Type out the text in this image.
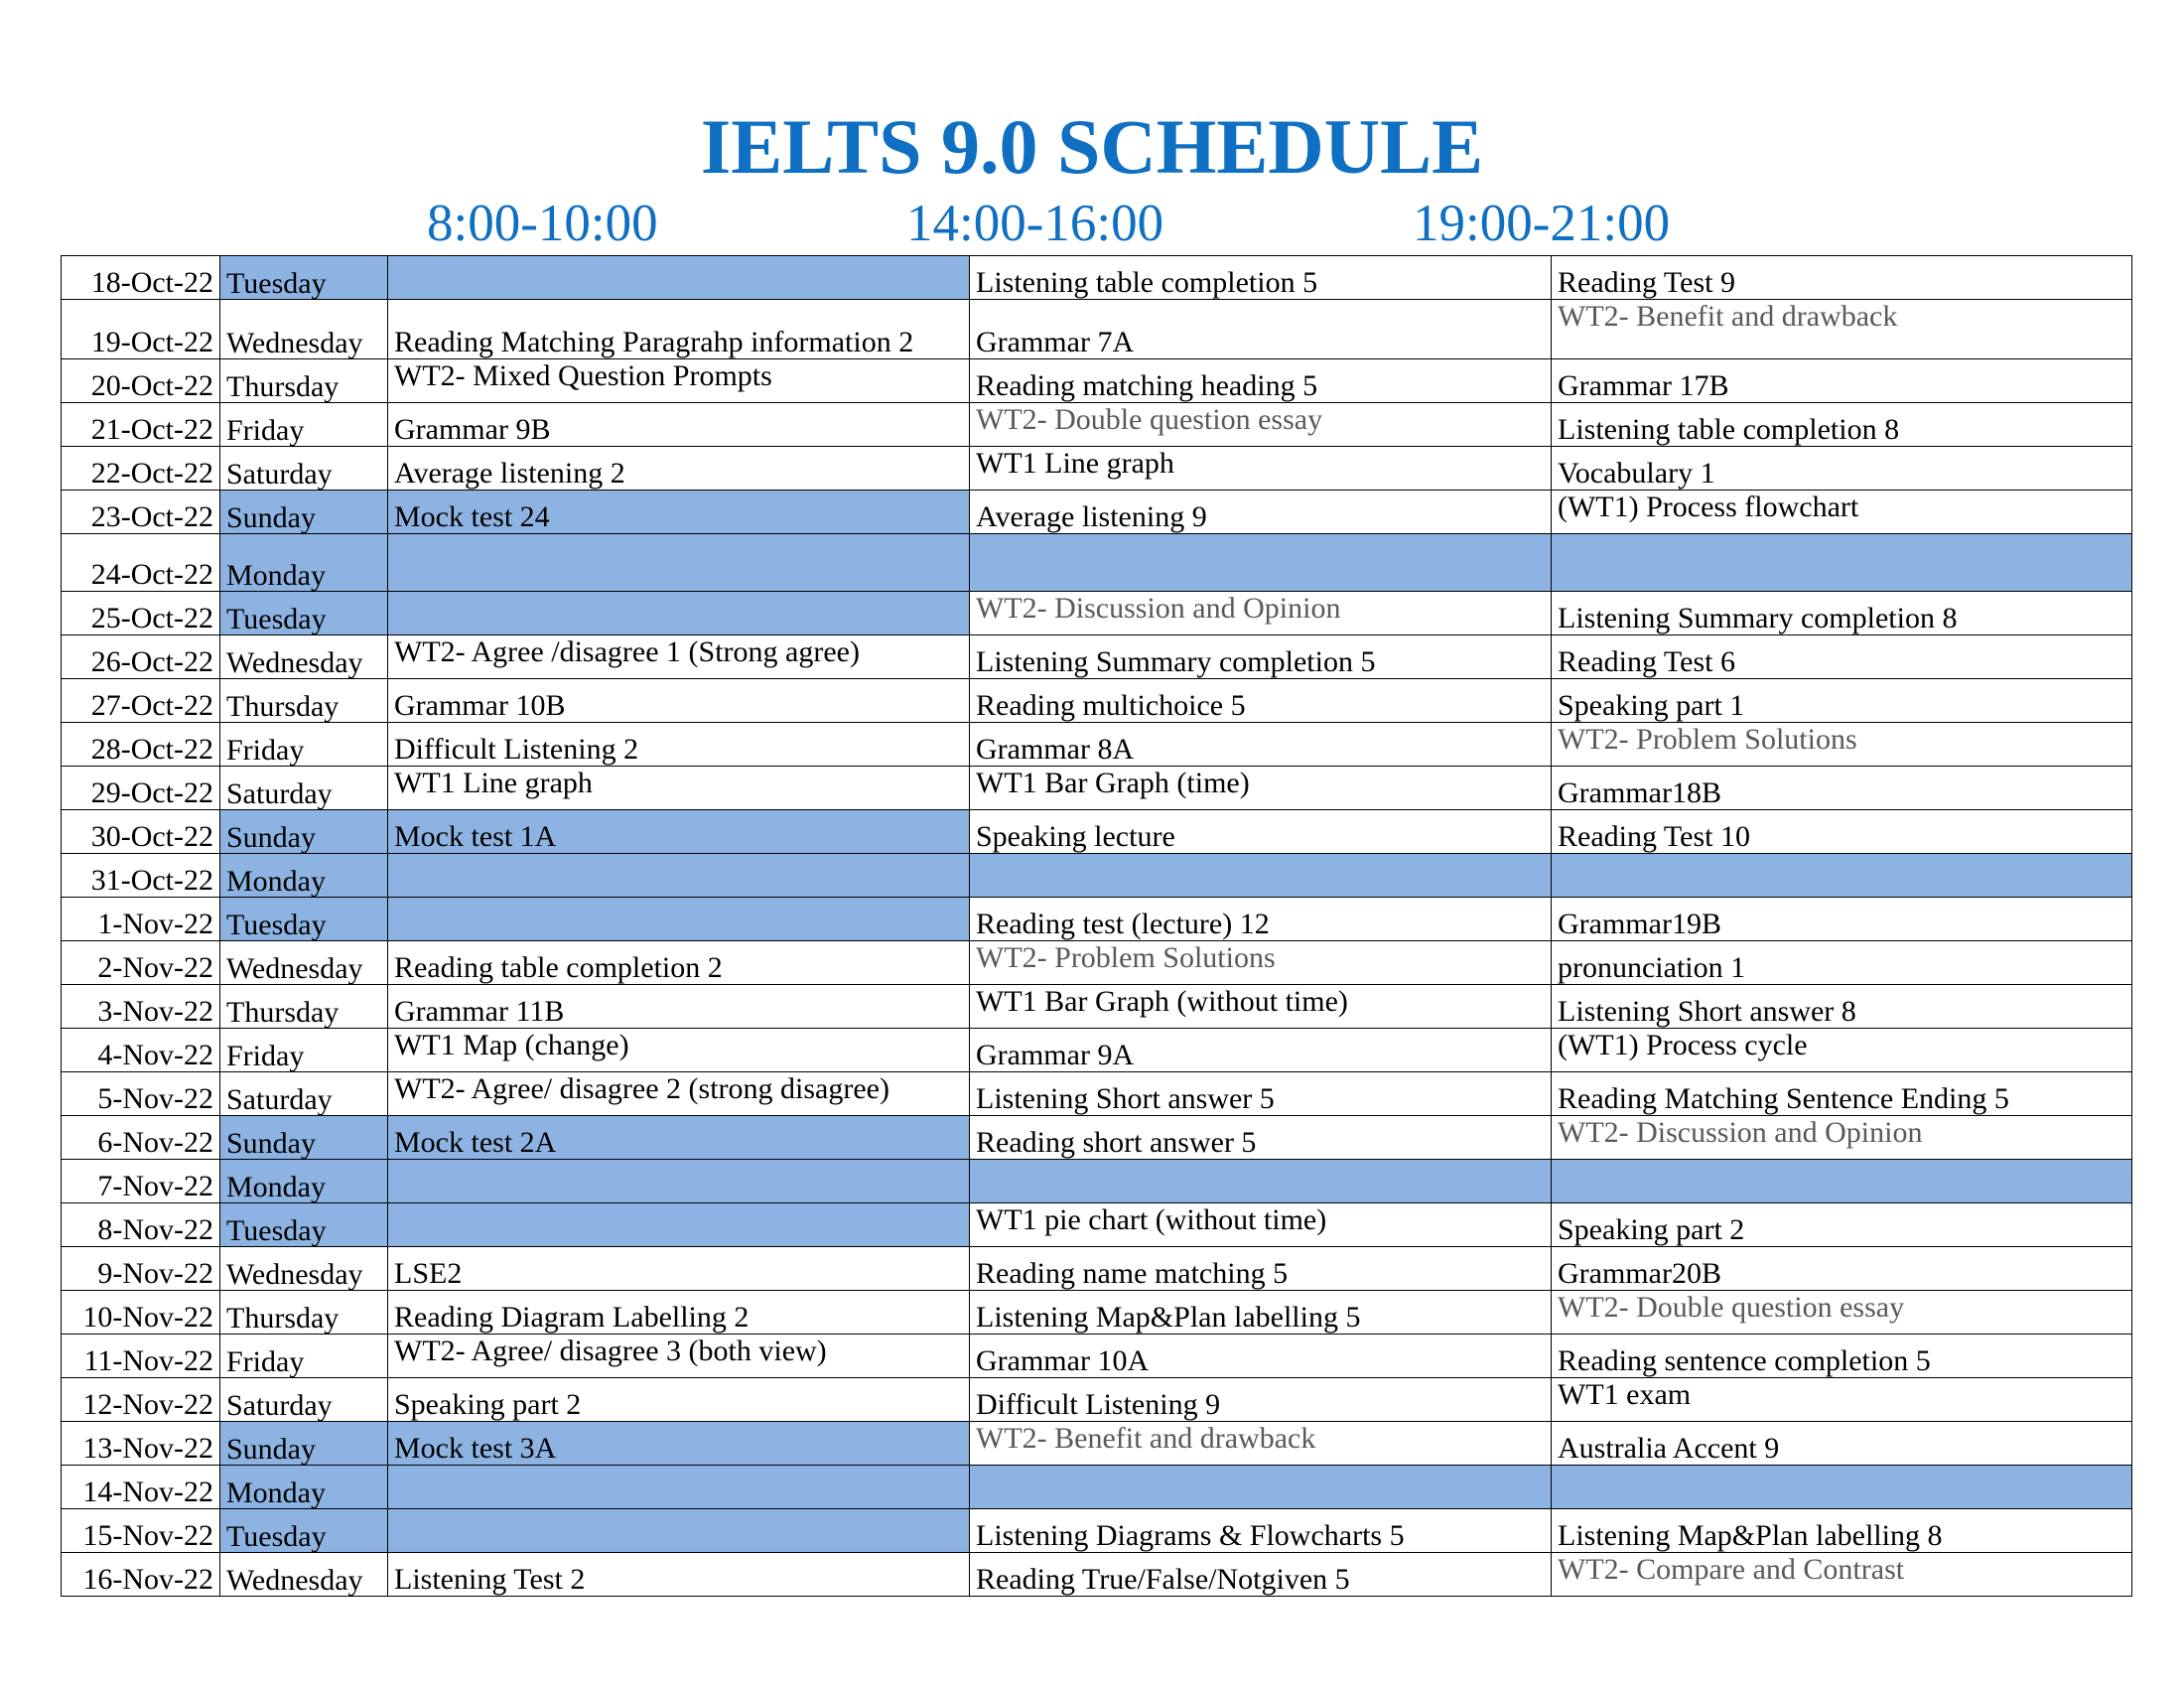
IELTS 9.0 SCHEDULE
8:00-10:00	14:00-16:00	19:00-21:00
18-Oct-22	Tuesday		Listening table completion 5	Reading Test 9
19-Oct-22	Wednesday	Reading Matching Paragrahp information 2	Grammar 7A	WT2- Benefit and drawback
20-Oct-22	Thursday	WT2- Mixed Question Prompts	Reading matching heading 5	Grammar 17B
21-Oct-22	Friday	Grammar 9B	WT2- Double question essay	Listening table completion 8
22-Oct-22	Saturday	Average listening 2	WT1 Line graph	Vocabulary 1
23-Oct-22	Sunday	Mock test 24	Average listening 9	(WT1) Process flowchart
24-Oct-22	Monday			
25-Oct-22	Tuesday		WT2- Discussion and Opinion	Listening Summary completion 8
26-Oct-22	Wednesday	WT2- Agree /disagree 1 (Strong agree)	Listening Summary completion 5	Reading Test 6
27-Oct-22	Thursday	Grammar 10B	Reading multichoice 5	Speaking part 1
28-Oct-22	Friday	Difficult Listening 2	Grammar 8A	WT2- Problem Solutions
29-Oct-22	Saturday	WT1 Line graph	WT1 Bar Graph (time)	Grammar18B
30-Oct-22	Sunday	Mock test 1A	Speaking lecture	Reading Test 10
31-Oct-22	Monday			
1-Nov-22	Tuesday		Reading test (lecture) 12	Grammar19B
2-Nov-22	Wednesday	Reading table completion 2	WT2- Problem Solutions	pronunciation 1
3-Nov-22	Thursday	Grammar 11B	WT1 Bar Graph (without time)	Listening Short answer 8
4-Nov-22	Friday	WT1 Map (change)	Grammar 9A	(WT1) Process cycle
5-Nov-22	Saturday	WT2- Agree/ disagree 2 (strong disagree)	Listening Short answer 5	Reading Matching Sentence Ending 5
6-Nov-22	Sunday	Mock test 2A	Reading short answer 5	WT2- Discussion and Opinion
7-Nov-22	Monday			
8-Nov-22	Tuesday		WT1 pie chart (without time)	Speaking part 2
9-Nov-22	Wednesday	LSE2	Reading name matching 5	Grammar20B
10-Nov-22	Thursday	Reading Diagram Labelling 2	Listening Map&Plan labelling 5	WT2- Double question essay
11-Nov-22	Friday	WT2- Agree/ disagree 3 (both view)	Grammar 10A	Reading sentence completion 5
12-Nov-22	Saturday	Speaking part 2	Difficult Listening 9	WT1 exam
13-Nov-22	Sunday	Mock test 3A	WT2- Benefit and drawback	Australia Accent 9
14-Nov-22	Monday			
15-Nov-22	Tuesday		Listening Diagrams & Flowcharts 5	Listening Map&Plan labelling 8
16-Nov-22	Wednesday	Listening Test 2	Reading True/False/Notgiven 5	WT2- Compare and Contrast
